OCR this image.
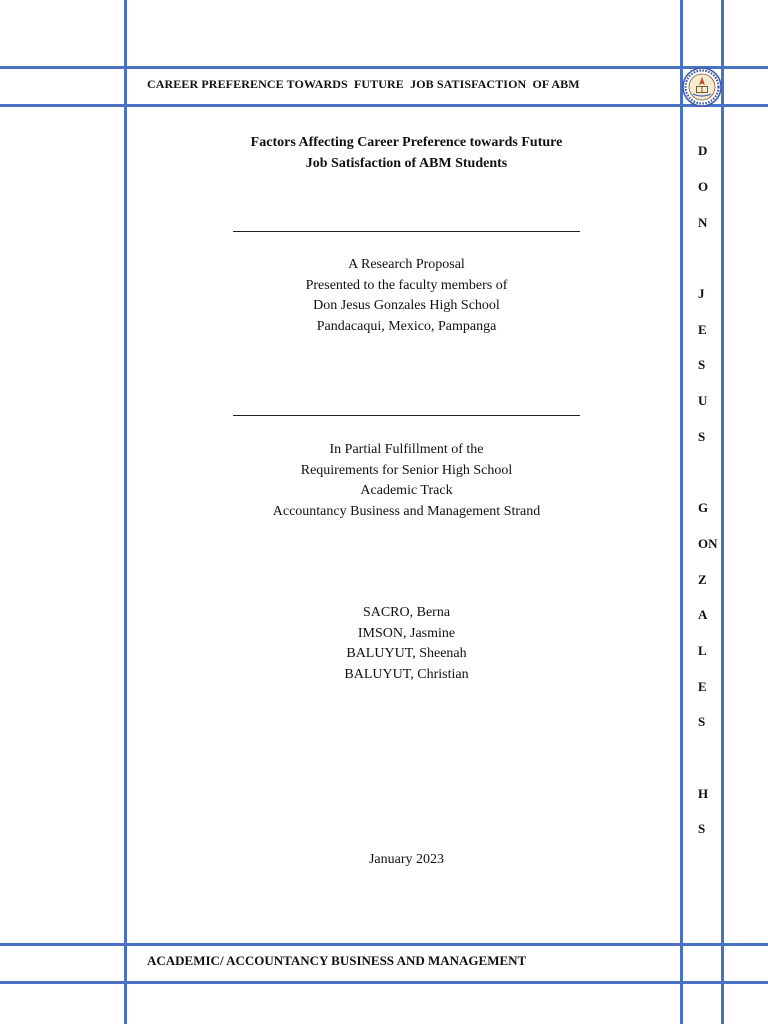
CAREER PREFERENCE TOWARDS  FUTURE  JOB SATISFACTION  OF ABM
Factors Affecting Career Preference towards Future
Job Satisfaction of ABM Students
A Research Proposal
Presented to the faculty members of
Don Jesus Gonzales High School
Pandacaqui, Mexico, Pampanga
In Partial Fulfillment of the
Requirements for Senior High School
Academic Track
Accountancy Business and Management Strand
SACRO, Berna
IMSON, Jasmine
BALUYUT, Sheenah
BALUYUT, Christian
January 2023
D
O
N
J
E
S
U
S
G
ON
Z
A
L
E
S
H
S
ACADEMIC/ ACCOUNTANCY BUSINESS AND MANAGEMENT
